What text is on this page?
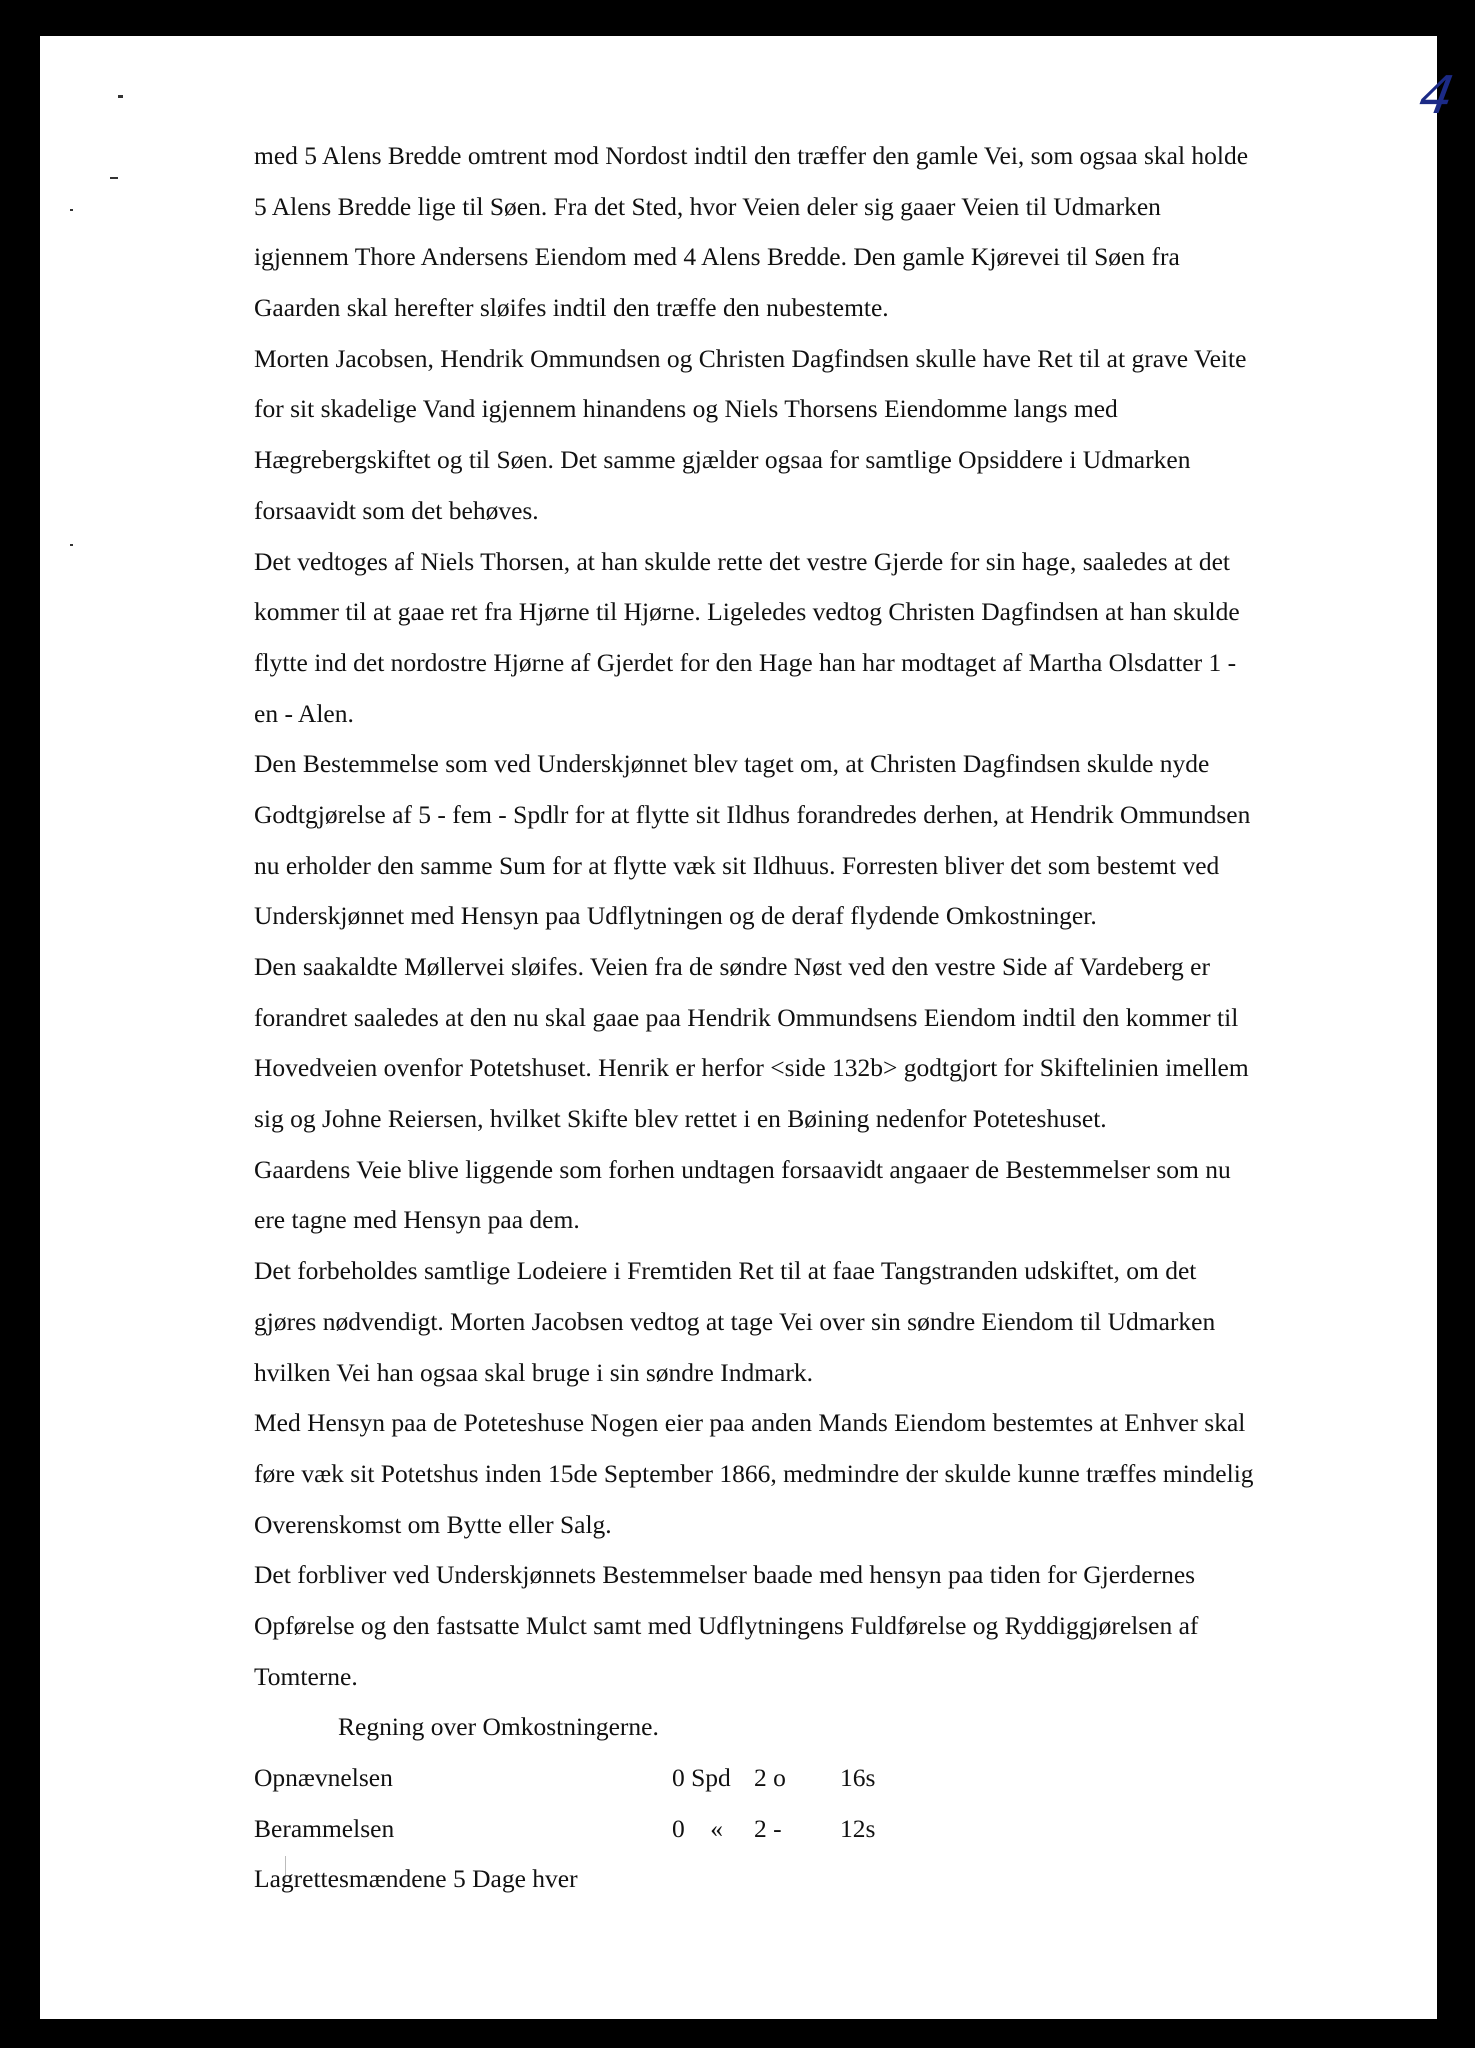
4
med 5 Alens Bredde omtrent mod Nordost indtil den træffer den gamle Vei, som ogsaa skal holde
5 Alens Bredde lige til Søen. Fra det Sted, hvor Veien deler sig gaaer Veien til Udmarken
igjennem Thore Andersens Eiendom med 4 Alens Bredde. Den gamle Kjørevei til Søen fra
Gaarden skal herefter sløifes indtil den træffe den nubestemte.
Morten Jacobsen, Hendrik Ommundsen og Christen Dagfindsen skulle have Ret til at grave Veite
for sit skadelige Vand igjennem hinandens og Niels Thorsens Eiendomme langs med
Hægrebergskiftet og til Søen. Det samme gjælder ogsaa for samtlige Opsiddere i Udmarken
forsaavidt som det behøves.
Det vedtoges af Niels Thorsen, at han skulde rette det vestre Gjerde for sin hage, saaledes at det
kommer til at gaae ret fra Hjørne til Hjørne. Ligeledes vedtog Christen Dagfindsen at han skulde
flytte ind det nordostre Hjørne af Gjerdet for den Hage han har modtaget af Martha Olsdatter 1 -
en - Alen.
Den Bestemmelse som ved Underskjønnet blev taget om, at Christen Dagfindsen skulde nyde
Godtgjørelse af 5 - fem - Spdlr for at flytte sit Ildhus forandredes derhen, at Hendrik Ommundsen
nu erholder den samme Sum for at flytte væk sit Ildhuus. Forresten bliver det som bestemt ved
Underskjønnet med Hensyn paa Udflytningen og de deraf flydende Omkostninger.
Den saakaldte Møllervei sløifes. Veien fra de søndre Nøst ved den vestre Side af Vardeberg er
forandret saaledes at den nu skal gaae paa Hendrik Ommundsens Eiendom indtil den kommer til
Hovedveien ovenfor Potetshuset. Henrik er herfor <side 132b> godtgjort for Skiftelinien imellem
sig og Johne Reiersen, hvilket Skifte blev rettet i en Bøining nedenfor Poteteshuset.
Gaardens Veie blive liggende som forhen undtagen forsaavidt angaaer de Bestemmelser som nu
ere tagne med Hensyn paa dem.
Det forbeholdes samtlige Lodeiere i Fremtiden Ret til at faae Tangstranden udskiftet, om det
gjøres nødvendigt. Morten Jacobsen vedtog at tage Vei over sin søndre Eiendom til Udmarken
hvilken Vei han ogsaa skal bruge i sin søndre Indmark.
Med Hensyn paa de Poteteshuse Nogen eier paa anden Mands Eiendom bestemtes at Enhver skal
føre væk sit Potetshus inden 15de September 1866, medmindre der skulde kunne træffes mindelig
Overenskomst om Bytte eller Salg.
Det forbliver ved Underskjønnets Bestemmelser baade med hensyn paa tiden for Gjerdernes
Opførelse og den fastsatte Mulct samt med Udflytningens Fuldførelse og Ryddiggjørelsen af
Tomterne.
Regning over Omkostningerne.
Opnævnelsen	0 Spd 2 o 16s
Berammelsen	0    « 2 - 12s
Lagrettesmændene 5 Dage hver
